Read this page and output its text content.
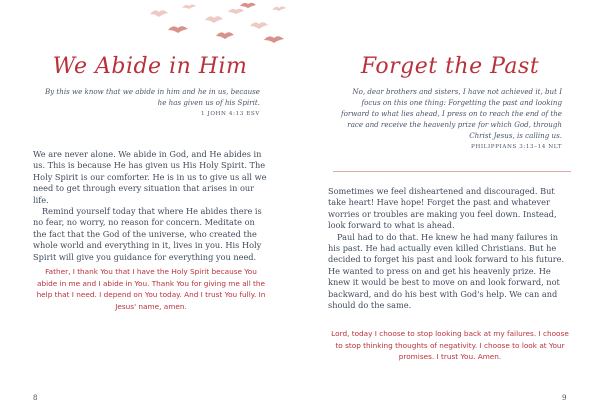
We Abide in Him
By this we know that we abide in him and he in us, because he has given us of his Spirit.
1 JOHN 4:13 ESV

We are never alone. We abide in God, and He abides in us. This is because He has given us His Holy Spirit. The Holy Spirit is our comforter. He is in us to give us all we need to get through every situation that arises in our life.

Remind yourself today that where He abides there is no fear, no worry, no reason for concern. Meditate on the fact that the God of the universe, who created the whole world and everything in it, lives in you. His Holy Spirit will give you guidance for everything you need.

Father, I thank You that I have the Holy Spirit because You abide in me and I abide in You. Thank You for giving me all the help that I need. I depend on You today. And I trust You fully. In Jesus' name, amen.
8
Forget the Past
No, dear brothers and sisters, I have not achieved it, but I focus on this one thing: Forgetting the past and looking forward to what lies ahead, I press on to reach the end of the race and receive the heavenly prize for which God, through Christ Jesus, is calling us.
PHILIPPIANS 3:13–14 NLT

Sometimes we feel disheartened and discouraged. But take heart! Have hope! Forget the past and whatever worries or troubles are making you feel down. Instead, look forward to what is ahead.

Paul had to do that. He knew he had many failures in his past. He had actually even killed Christians. But he decided to forget his past and look forward to his future. He wanted to press on and get his heavenly prize. He knew it would be best to move on and look forward, not backward, and do his best with God's help. We can and should do the same.

Lord, today I choose to stop looking back at my failures. I choose to stop thinking thoughts of negativity. I choose to look at Your promises. I trust You. Amen.
9
